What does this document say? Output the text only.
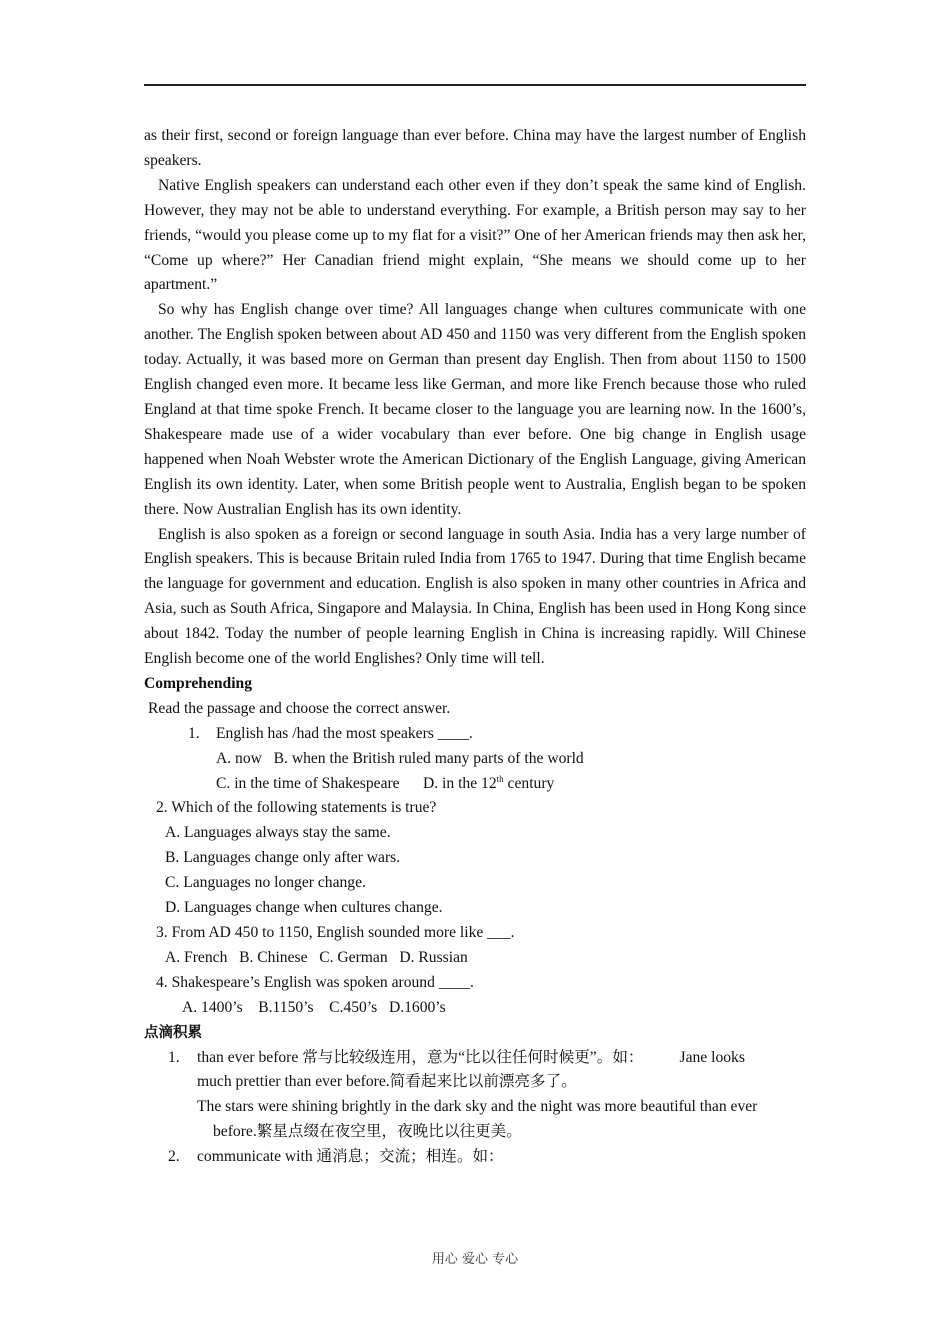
as their first, second or foreign language than ever before. China may have the largest number of English speakers.

Native English speakers can understand each other even if they don’t speak the same kind of English. However, they may not be able to understand everything. For example, a British person may say to her friends, “would you please come up to my flat for a visit?” One of her American friends may then ask her, “Come up where?” Her Canadian friend might explain, “She means we should come up to her apartment.”

So why has English change over time? All languages change when cultures communicate with one another. The English spoken between about AD 450 and 1150 was very different from the English spoken today. Actually, it was based more on German than present day English. Then from about 1150 to 1500 English changed even more. It became less like German, and more like French because those who ruled England at that time spoke French. It became closer to the language you are learning now. In the 1600’s, Shakespeare made use of a wider vocabulary than ever before. One big change in English usage happened when Noah Webster wrote the American Dictionary of the English Language, giving American English its own identity. Later, when some British people went to Australia, English began to be spoken there. Now Australian English has its own identity.

English is also spoken as a foreign or second language in south Asia. India has a very large number of English speakers. This is because Britain ruled India from 1765 to 1947. During that time English became the language for government and education. English is also spoken in many other countries in Africa and Asia, such as South Africa, Singapore and Malaysia. In China, English has been used in Hong Kong since about 1842. Today the number of people learning English in China is increasing rapidly. Will Chinese English become one of the world Englishes? Only time will tell.

Comprehending

Read the passage and choose the correct answer.

1. English has /had the most speakers ____.

A. now B. when the British ruled many parts of the world

C. in the time of Shakespeare D. in the 12th century

2. Which of the following statements is true?

A. Languages always stay the same.

B. Languages change only after wars.

C. Languages no longer change.

D. Languages change when cultures change.

3. From AD 450 to 1150, English sounded more like ___.

A. French B. Chinese C. German D. Russian

4. Shakespeare’s English was spoken around ____.

A. 1400’s B.1150’s C.450’s D.1600’s

点滴积累

1.	than ever before 常与比较级连用，意为“比以往任何时候更”。如： Jane looks

much prettier than ever before.简看起来比以前漂亮多了。

The stars were shining brightly in the dark sky and the night was more beautiful than ever

before.繁星点缀在夜空里，夜晚比以往更美。

2.	communicate with 通消息；交流；相连。如：
用心 爱心 专心
